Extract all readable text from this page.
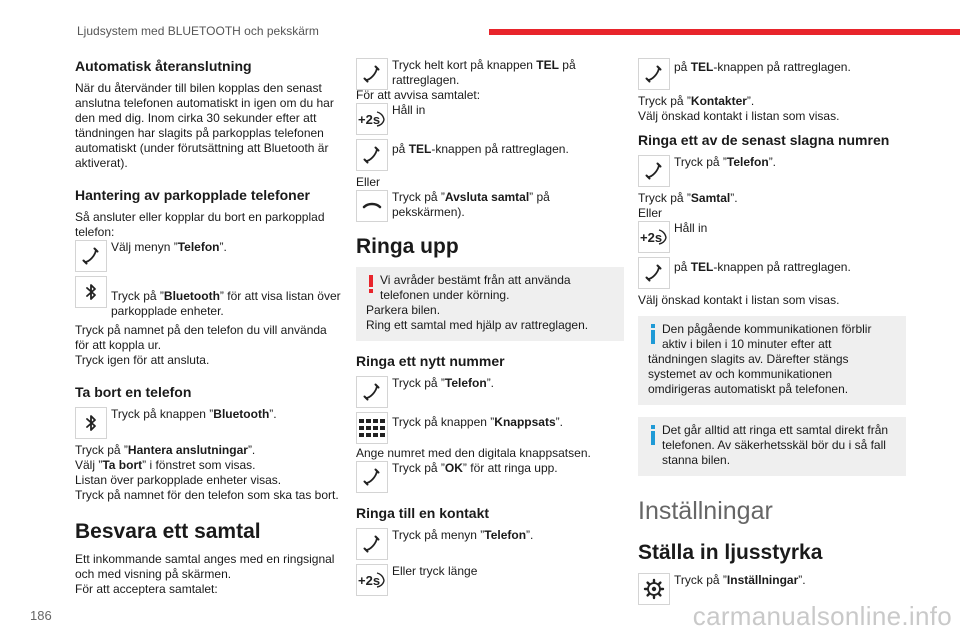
Ljudsystem med BLUETOOTH och pekskärm
Automatisk återanslutning

När du återvänder till bilen kopplas den senast anslutna telefonen automatiskt in igen om du har den med dig. Inom cirka 30 sekunder efter att tändningen har slagits på parkopplas telefonen automatiskt (under förutsättning att Bluetooth är aktiverat).

Hantering av parkopplade telefoner

Så ansluter eller kopplar du bort en parkopplad telefon:

Välj menyn ”Telefon”.
Tryck på ”Bluetooth” för att visa listan över parkopplade enheter.

Tryck på namnet på den telefon du vill använda för att koppla ur.

Tryck igen för att ansluta.

Ta bort en telefon
Tryck på knappen ”Bluetooth”.

Tryck på ”Hantera anslutningar”.

Välj ”Ta bort” i fönstret som visas.

Listan över parkopplade enheter visas.

Tryck på namnet för den telefon som ska tas bort.

Besvara ett samtal

Ett inkommande samtal anges med en ringsignal och med visning på skärmen.

För att acceptera samtalet:

Tryck helt kort på knappen TEL på rattreglagen.

För att avvisa samtalet:

+2s
Håll in
på TEL-knappen på rattreglagen.

Eller

Tryck på ”Avsluta samtal” på pekskärmen).
Ringa upp

Vi avråder bestämt från att använda telefonen under körning.

Parkera bilen.

Ring ett samtal med hjälp av rattreglagen.

Ringa ett nytt nummer
Tryck på ”Telefon”.
Tryck på knappen ”Knappsats”.

Ange numret med den digitala knappsatsen.

Tryck på ”OK” för att ringa upp.
Ringa till en kontakt
Tryck på menyn ”Telefon”.
+2s
Eller tryck länge
på TEL-knappen på rattreglagen.

Tryck på ”Kontakter”.

Välj önskad kontakt i listan som visas.

Ringa ett av de senast slagna numren
Tryck på ”Telefon”.

Tryck på ”Samtal”.

Eller

+2s
Håll in
på TEL-knappen på rattreglagen.

Välj önskad kontakt i listan som visas.

Den pågående kommunikationen förblir aktiv i bilen i 10 minuter efter att

tändningen slagits av. Därefter stängs systemet av och kommunikationen omdirigeras automatiskt på telefonen.

Det går alltid att ringa ett samtal direkt från telefonen. Av säkerhetsskäl bör du i så fall stanna bilen.

Inställningar
Ställa in ljusstyrka
Tryck på ”Inställningar”.
186	carmanualsonline.info
